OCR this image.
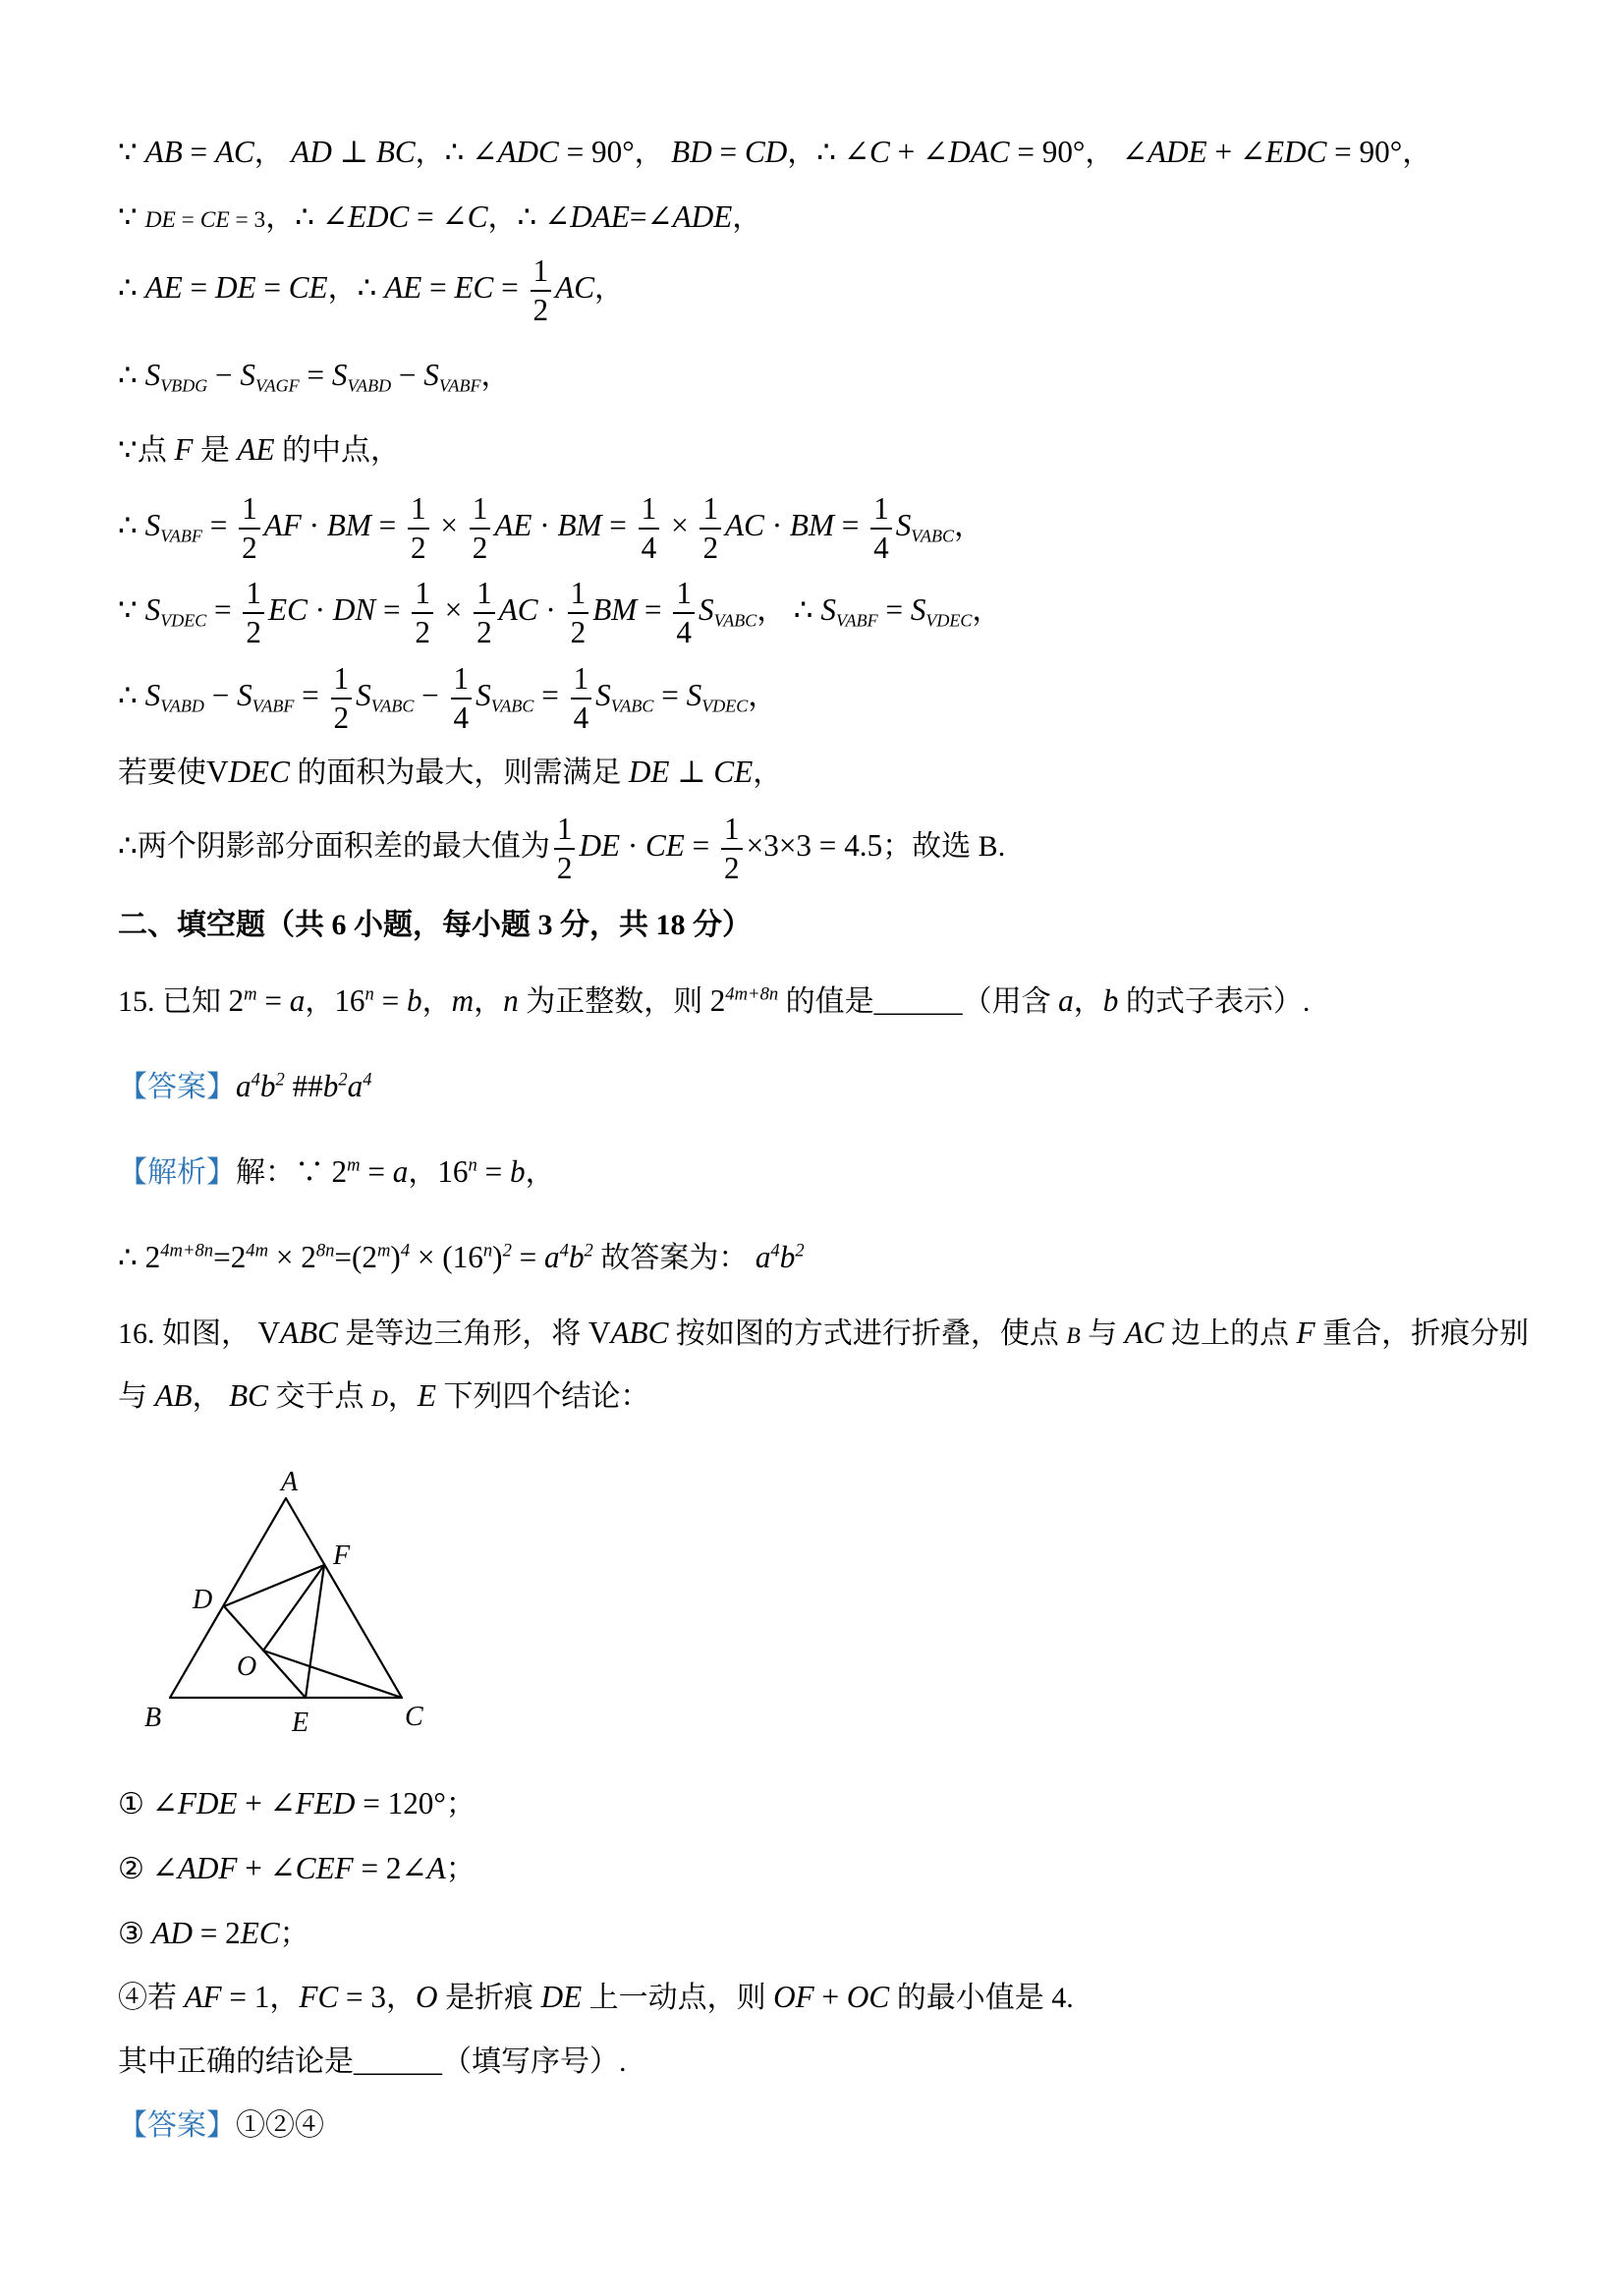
∵ AB = AC， AD ⊥ BC，∴ ∠ADC = 90°， BD = CD，∴ ∠C + ∠DAC = 90°， ∠ADE + ∠EDC = 90°，
∵ DE = CE = 3，∴ ∠EDC = ∠C，∴ ∠DAE=∠ADE，
∴ AE = DE = CE，∴ AE = EC = $\frac{1}{2}$ AC，
∴ $S_{VBDG} - S_{VAGF} = S_{VABD} - S_{VABF}$，
∵点 F 是 AE 的中点，
∴ $S_{VABF} = \frac{1}{2}$ AF · BM = $\frac{1}{2} \times \frac{1}{2}$ AE · BM = $\frac{1}{4} \times \frac{1}{2}$ AC · BM = $\frac{1}{4} S_{VABC}$，
∵ $S_{VDEC} = \frac{1}{2}$ EC · DN = $\frac{1}{2} \times \frac{1}{2}$ AC · $\frac{1}{2}$ BM = $\frac{1}{4} S_{VABC}$， ∴ $S_{VABF} = S_{VDEC}$，
∴ $S_{VABD} - S_{VABF} = \frac{1}{2} S_{VABC} - \frac{1}{4} S_{VABC} = \frac{1}{4} S_{VABC} = S_{VDEC}$，
若要使VDEC 的面积为最大，则需满足 DE ⊥ CE，
∴两个阴影部分面积差的最大值为 $\frac{1}{2}$ DE · CE = $\frac{1}{2} \times 3\times 3 = 4.5$；故选 B.
二、填空题（共 6 小题，每小题 3 分，共 18 分）
15. 已知 $2^m = a$，$16^n = b$，m，n 为正整数，则 $2^{4m+8n}$ 的值是______（用含 a，b 的式子表示）.
【答案】$a^4b^2$ $\#\#b^2a^4$
【解析】解：∵ $2^m = a$，$16^n = b$，
∴ $2^{4m+8n}=2^{4m} \times 2^{8n}=(2^m)^4 \times (16^n)^2 = a^4b^2$ 故答案为： $a^4b^2$
16. 如图， VABC 是等边三角形，将 VABC 按如图的方式进行折叠，使点 B 与 AC 边上的点 F 重合，折痕分别
与 AB， BC 交于点 D，E 下列四个结论：
A
F
D
O
B	E	C
① ∠FDE + ∠FED = 120°；
② ∠ADF + ∠CEF = 2∠A；
③ AD = 2EC；
④若 AF = 1，FC = 3，O 是折痕 DE 上一动点，则 OF + OC 的最小值是 4.
其中正确的结论是______（填写序号）.
【答案】①②④
